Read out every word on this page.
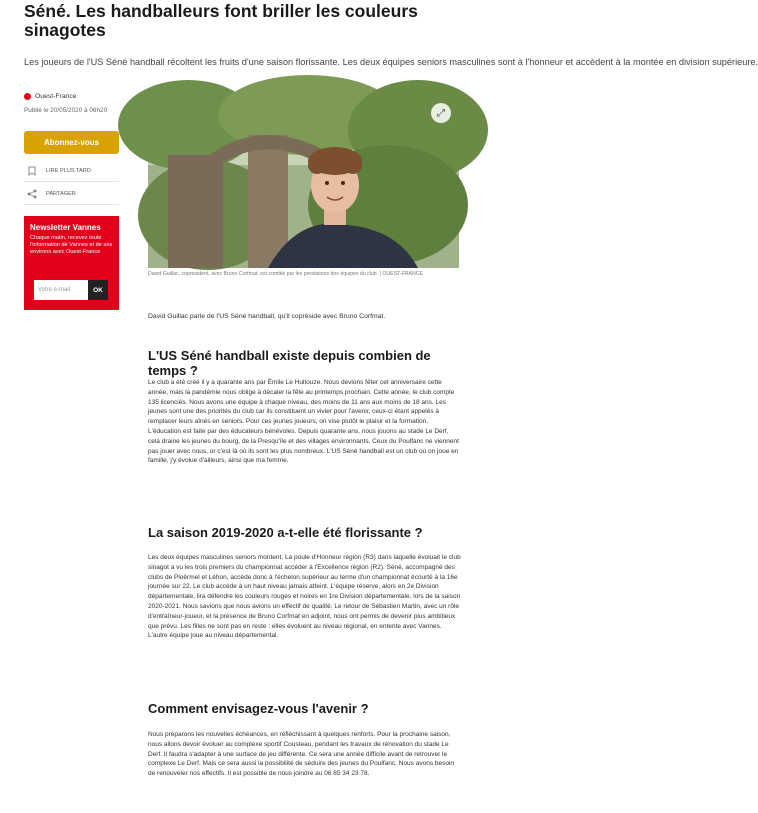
Séné. Les handballeurs font briller les couleurs sinagotes

Les joueurs de l'US Séné handball récoltent les fruits d'une saison florissante. Les deux équipes seniors masculines sont à l'honneur et accèdent à la montée en division supérieure.

Ouest-France
Publié le 20/05/2020 à 06h20
Abonnez-vous
LIRE PLUS TARD
PARTAGER
Newsletter Vannes
Chaque matin, recevez toute l'information de Vannes et de ses environs avec Ouest-France
Votre e-mail	OK
⤢
David Guillac, copresident, avec Bruno Corfmat, est comblé par les prestations des équipes du club. | OUEST-FRANCE

David Guillac parle de l'US Séné handball, qu'il copréside avec Bruno Corfmat.

L'US Séné handball existe depuis combien de temps ?

Le club a été créé il y a quarante ans par Émile Le Hultouze. Nous devions fêter cet anniversaire cette année, mais la pandémie nous oblige à décaler la fête au printemps prochain. Cette année, le club compte 135 licenciés. Nous avons une équipe à chaque niveau, des moins de 11 ans aux moins de 18 ans. Les jeunes sont une des priorités du club car ils constituent un vivier pour l'avenir, ceux-ci étant appelés à remplacer leurs aînés en seniors. Pour ces jeunes joueurs, on vise plutôt le plaisir et la formation. L'éducation est faite par des éducateurs bénévoles. Depuis quarante ans, nous jouons au stade Le Derf, cela draine les jeunes du bourg, de la Presqu'île et des villages environnants. Ceux du Poulfanc ne viennent pas jouer avec nous, or c'est là où ils sont les plus nombreux. L'US Séné handball est un club où on joue en famille, j'y évolue d'ailleurs, ainsi que ma femme.

La saison 2019-2020 a-t-elle été florissante ?

Les deux équipes masculines seniors montent. La poule d'Honneur région (R3) dans laquelle évoluait le club sinagot a vu les trois premiers du championnat accéder à l'Excellence région (R2). Séné, accompagné des clubs de Ploërmel et Léhon, accède donc à l'échelon supérieur au terme d'un championnat écourté à la 16e journée sur 22. Le club accède à un haut niveau jamais atteint. L'équipe réserve, alors en 2e Division départementale, lira défendre les couleurs rouges et noires en 1re Division départementale, lors de la saison 2020-2021. Nous savions que nous avions un effectif de qualité. Le retour de Sébastien Martin, avec un rôle d'entraîneur-joueur, et la présence de Bruno Corfmat en adjoint, nous ont permis de devenir plus ambitieux que prévu. Les filles ne sont pas en reste : elles évoluent au niveau régional, en entente avec Vannes. L'autre équipe joue au niveau départemental.

Comment envisagez-vous l'avenir ?

Nous préparons les nouvelles échéances, en réfléchissant à quelques renforts. Pour la prochaine saison, nous allons devoir évoluer au complexe sportif Cousteau, pendant les travaux de rénovation du stade Le Derf. Il faudra s'adapter à une surface de jeu différente. Ce sera une année difficile avant de retrouver le complexe Le Derf. Mais ce sera aussi la possibilité de séduire des jeunes du Poulfanc. Nous avons besoin de renouveler nos effectifs. Il est possible de nous joindre au 06 85 34 23 78.
